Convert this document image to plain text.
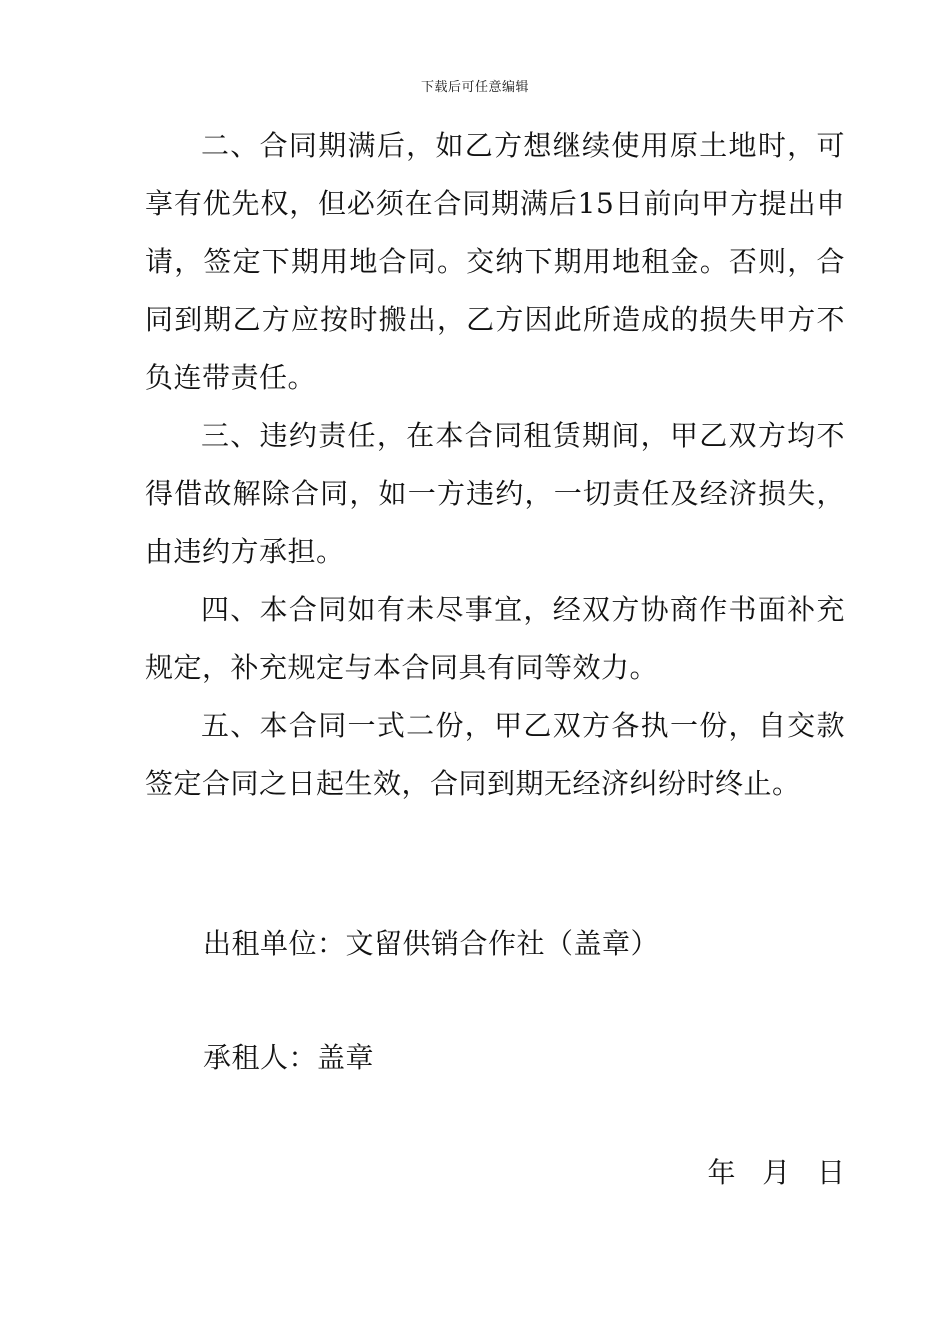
下载后可任意编辑

二、合同期满后，如乙方想继续使用原土地时，可享有优先权，但必须在合同期满后15日前向甲方提出申请，签定下期用地合同。交纳下期用地租金。否则，合同到期乙方应按时搬出，乙方因此所造成的损失甲方不负连带责任。

三、违约责任，在本合同租赁期间，甲乙双方均不得借故解除合同，如一方违约，一切责任及经济损失，由违约方承担。

四、本合同如有未尽事宜，经双方协商作书面补充规定，补充规定与本合同具有同等效力。

五、本合同一式二份，甲乙双方各执一份，自交款签定合同之日起生效，合同到期无经济纠纷时终止。

出租单位：文留供销合作社（盖章）
承租人：盖章
年 月 日
